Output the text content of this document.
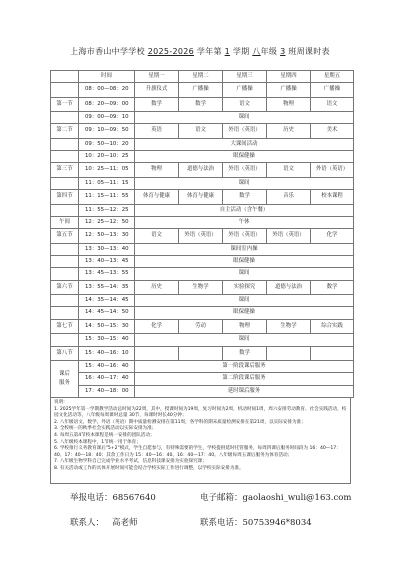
上海市香山中学学校 2025-2026 学年第 1 学期 八年级 3 班周课时表
	时间	星期一	星期二	星期三	星期四	星期五
	08：00—08：20	升旗仪式	广播操	广播操	广播操	广播操
第一节	08：20—09：00	数学	数学	语文	物理	语文
	09：00—09：10	课间				
第二节	09：10—09：50	英语	语文	外语（英语）	历史	美术
	09：50—10：20	大课间活动				
	10：20—10：25	眼保健操				
第三节	10：25—11：05	物理	道德与法治	外语（英语）	语文	外语（英语）
	11：05—11：15	课间				
第四节	11：15—11：55	体育与健康	体育与健康	数学	音乐	校本课程
	11：55—12：25	自主活动（含午餐）				
午间	12：25—12：50	午休				
第五节	12：50—13：30	语文	外语（英语）	外语（英语）	外语（英语）	化学
	13：30—13：40	课间室内操				
	13：40—13：45	眼保健操				
	13：45—13：55	课间				
第六节	13：55—14：35	历史	生物学	实验探究	道德与法治	数学
	14：35—14：45	课间				
	14：45—14：50	眼保健操				
第七节	14：50—15：30	化学	劳动	物理	生物学	综合实践
	15：30—15：40	课间				
第八节	15：40—16：10			数学		

课后
服务	15：40—16：40	第一阶段课后服务				
	16：40—17：40	第二阶段课后服务				
	17：40—18：00	延时课后服务				
说明:
1. 2025学年第一学期教学活动总时间为22周，其中，授课时间为19周，复习时间为2周，机动时间1周，周六安排劳动教育、社会实践活动，校园文化活动等，八年级每周课时总量 30节，每课时时长40分钟；
2. 八年级语文、数学、外语（英语）期中质量检测安排在第11周，各学科的期末质量检测安排在第21周，以实际安排为准；
3. 全校统一的秋季社会实践活动以实际安排为准；
4. 每周五第4节校本课程是统一安排的团队活动；
5. 八年级校本课程中，1节统一用于体育；
6. 学校推行义务教育课后"5+2"模式，学生自愿参与，有特殊需要的学生，学校提供延时托管服务，每周四课后服务时间段为 16：40—17：40、17：40—18：40；其余工作日为 15：40—16：40、16：40—17：40。八年级每周五课后服务为体育活动；
7. 八年级生物学科自己完成学业水平考试，信息科技课安排为实验探究课；
8. 有关活动或工作的具体开展时间可能会结合学校实际工作进行调整，以学校实际安排为准。
举报电话：68567640	电子邮箱：gaolaoshi_wuli@163.com
联系人： 高老师	联系电话：50753946*8034
